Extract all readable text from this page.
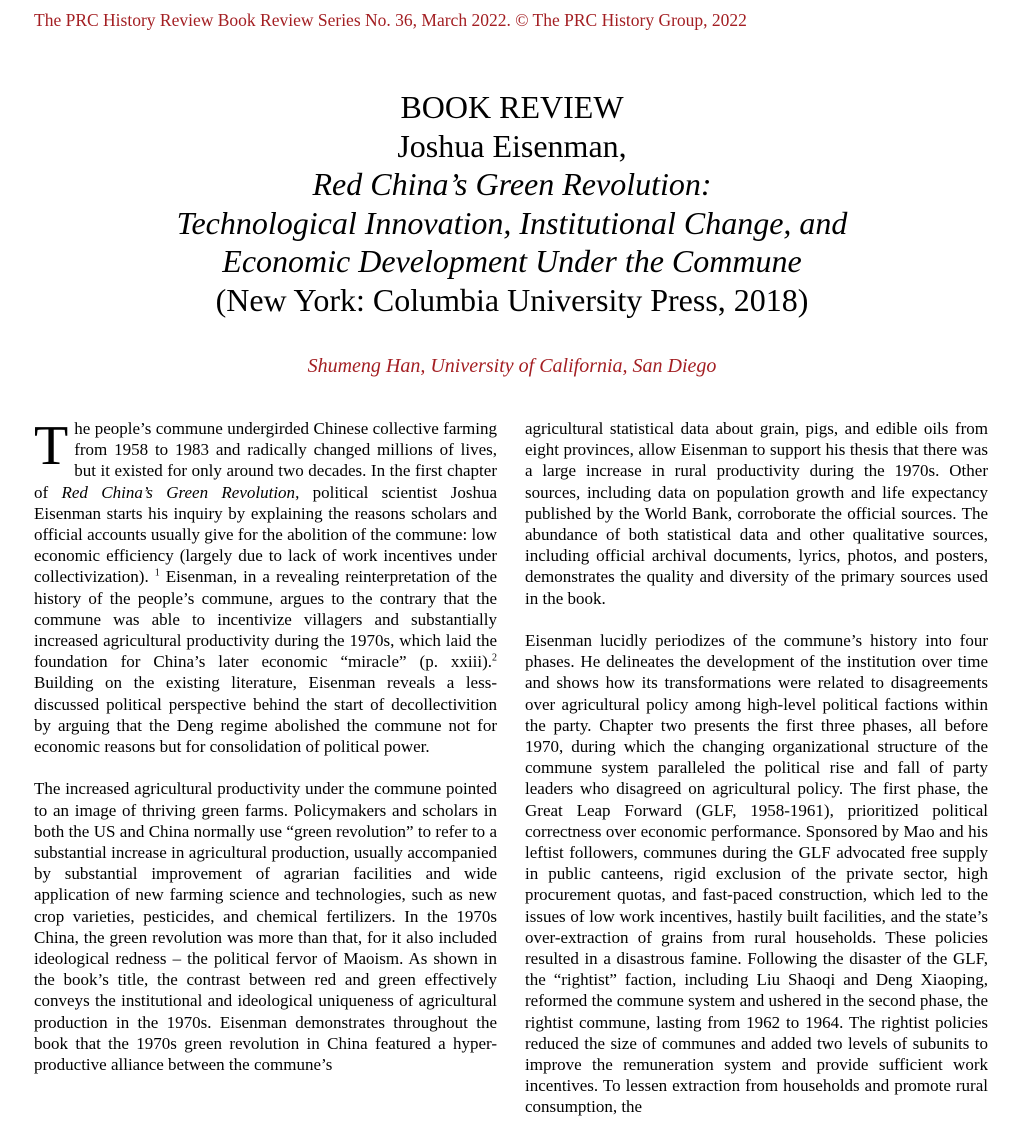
The PRC History Review Book Review Series No. 36, March 2022. © The PRC History Group, 2022
BOOK REVIEW
Joshua Eisenman,
Red China’s Green Revolution:
Technological Innovation, Institutional Change, and
Economic Development Under the Commune
(New York: Columbia University Press, 2018)
Shumeng Han, University of California, San Diego

The people’s commune undergirded Chinese collective farming from 1958 to 1983 and radically changed millions of lives, but it existed for only around two decades. In the first chapter of Red China’s Green Revolution, political scientist Joshua Eisenman starts his inquiry by explaining the reasons scholars and official accounts usually give for the abolition of the commune: low economic efficiency (largely due to lack of work incentives under collectivization). $^1$ Eisenman, in a revealing reinterpretation of the history of the people’s commune, argues to the contrary that the commune was able to incentivize villagers and substantially increased agricultural productivity during the 1970s, which laid the foundation for China’s later economic “miracle” (p. xxiii).$^2$ Building on the existing literature, Eisenman reveals a less-discussed political perspective behind the start of decollectivition by arguing that the Deng regime abolished the commune not for economic reasons but for consolidation of political power.

The increased agricultural productivity under the commune pointed to an image of thriving green farms. Policymakers and scholars in both the US and China normally use “green revolution” to refer to a substantial increase in agricultural production, usually accompanied by substantial improvement of agrarian facilities and wide application of new farming science and technologies, such as new crop varieties, pesticides, and chemical fertilizers. In the 1970s China, the green revolution was more than that, for it also included ideological redness – the political fervor of Maoism. As shown in the book’s title, the contrast between red and green effectively conveys the institutional and ideological uniqueness of agricultural production in the 1970s. Eisenman demonstrates throughout the book that the 1970s green revolution in China featured a hyper-productive alliance between the commune’s

agricultural statistical data about grain, pigs, and edible oils from eight provinces, allow Eisenman to support his thesis that there was a large increase in rural productivity during the 1970s. Other sources, including data on population growth and life expectancy published by the World Bank, corroborate the official sources. The abundance of both statistical data and other qualitative sources, including official archival documents, lyrics, photos, and posters, demonstrates the quality and diversity of the primary sources used in the book.

Eisenman lucidly periodizes of the commune’s history into four phases. He delineates the development of the institution over time and shows how its transformations were related to disagreements over agricultural policy among high-level political factions within the party. Chapter two presents the first three phases, all before 1970, during which the changing organizational structure of the commune system paralleled the political rise and fall of party leaders who disagreed on agricultural policy. The first phase, the Great Leap Forward (GLF, 1958-1961), prioritized political correctness over economic performance. Sponsored by Mao and his leftist followers, communes during the GLF advocated free supply in public canteens, rigid exclusion of the private sector, high procurement quotas, and fast-paced construction, which led to the issues of low work incentives, hastily built facilities, and the state’s over-extraction of grains from rural households. These policies resulted in a disastrous famine. Following the disaster of the GLF, the “rightist” faction, including Liu Shaoqi and Deng Xiaoping, reformed the commune system and ushered in the second phase, the rightist commune, lasting from 1962 to 1964. The rightist policies reduced the size of communes and added two levels of subunits to improve the remuneration system and provide sufficient work incentives. To lessen extraction from households and promote rural consumption, the
